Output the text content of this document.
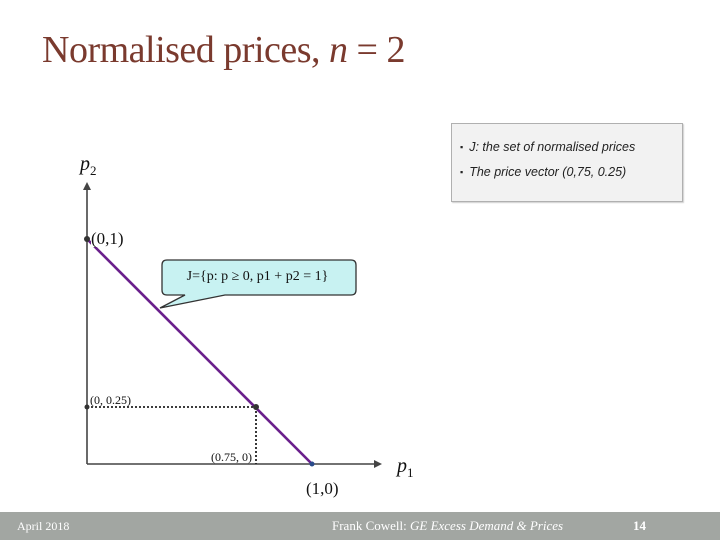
Normalised prices, n = 2
J={p: p ≥ 0, p1 + p2 = 1}
$p_2$
$p_1$
(0,1)
(1,0)
(0, 0.25)
(0.75, 0)
▪ J: the set of normalised prices
▪ The price vector (0,75, 0.25)
April 2018	Frank Cowell: GE Excess Demand & Prices	14
